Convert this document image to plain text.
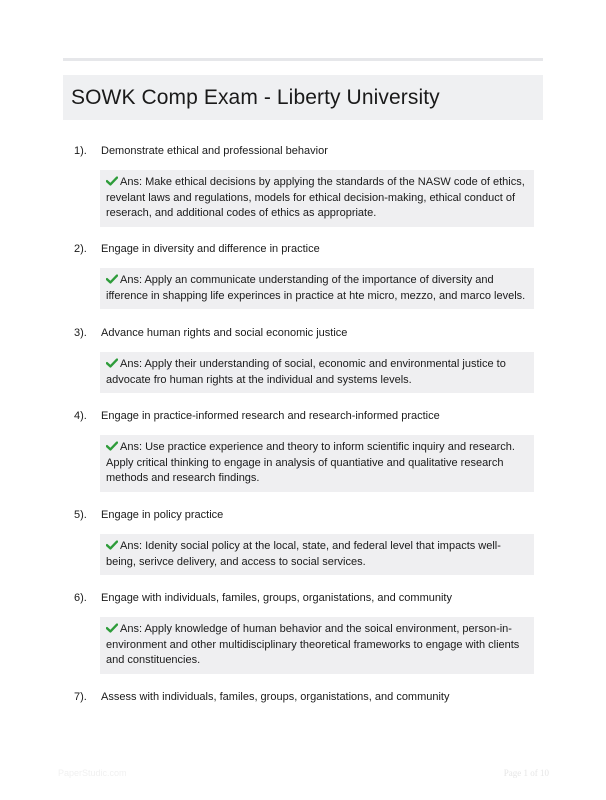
SOWK Comp Exam - Liberty University
1). Demonstrate ethical and professional behavior
Ans: Make ethical decisions by applying the standards of the NASW code of ethics, revelant laws and regulations, models for ethical decision-making, ethical conduct of reserach, and additional codes of ethics as appropriate.
2). Engage in diversity and difference in practice
Ans: Apply an communicate understanding of the importance of diversity and ifference in shapping life experinces in practice at hte micro, mezzo, and marco levels.
3). Advance human rights and social economic justice
Ans: Apply their understanding of social, economic and environmental justice to advocate fro human rights at the individual and systems levels.
4). Engage in practice-informed research and research-informed practice
Ans: Use practice experience and theory to inform scientific inquiry and research. Apply critical thinking to engage in analysis of quantiative and qualitative research methods and research findings.
5). Engage in policy practice
Ans: Idenity social policy at the local, state, and federal level that impacts well-being, serivce delivery, and access to social services.
6). Engage with individuals, familes, groups, organistations, and community
Ans: Apply knowledge of human behavior and the soical environment, person-in-environment and other multidisciplinary theoretical frameworks to engage with clients and constituencies.
7). Assess with individuals, familes, groups, organistations, and community
PaperStudic.com	Page 1 of 10
